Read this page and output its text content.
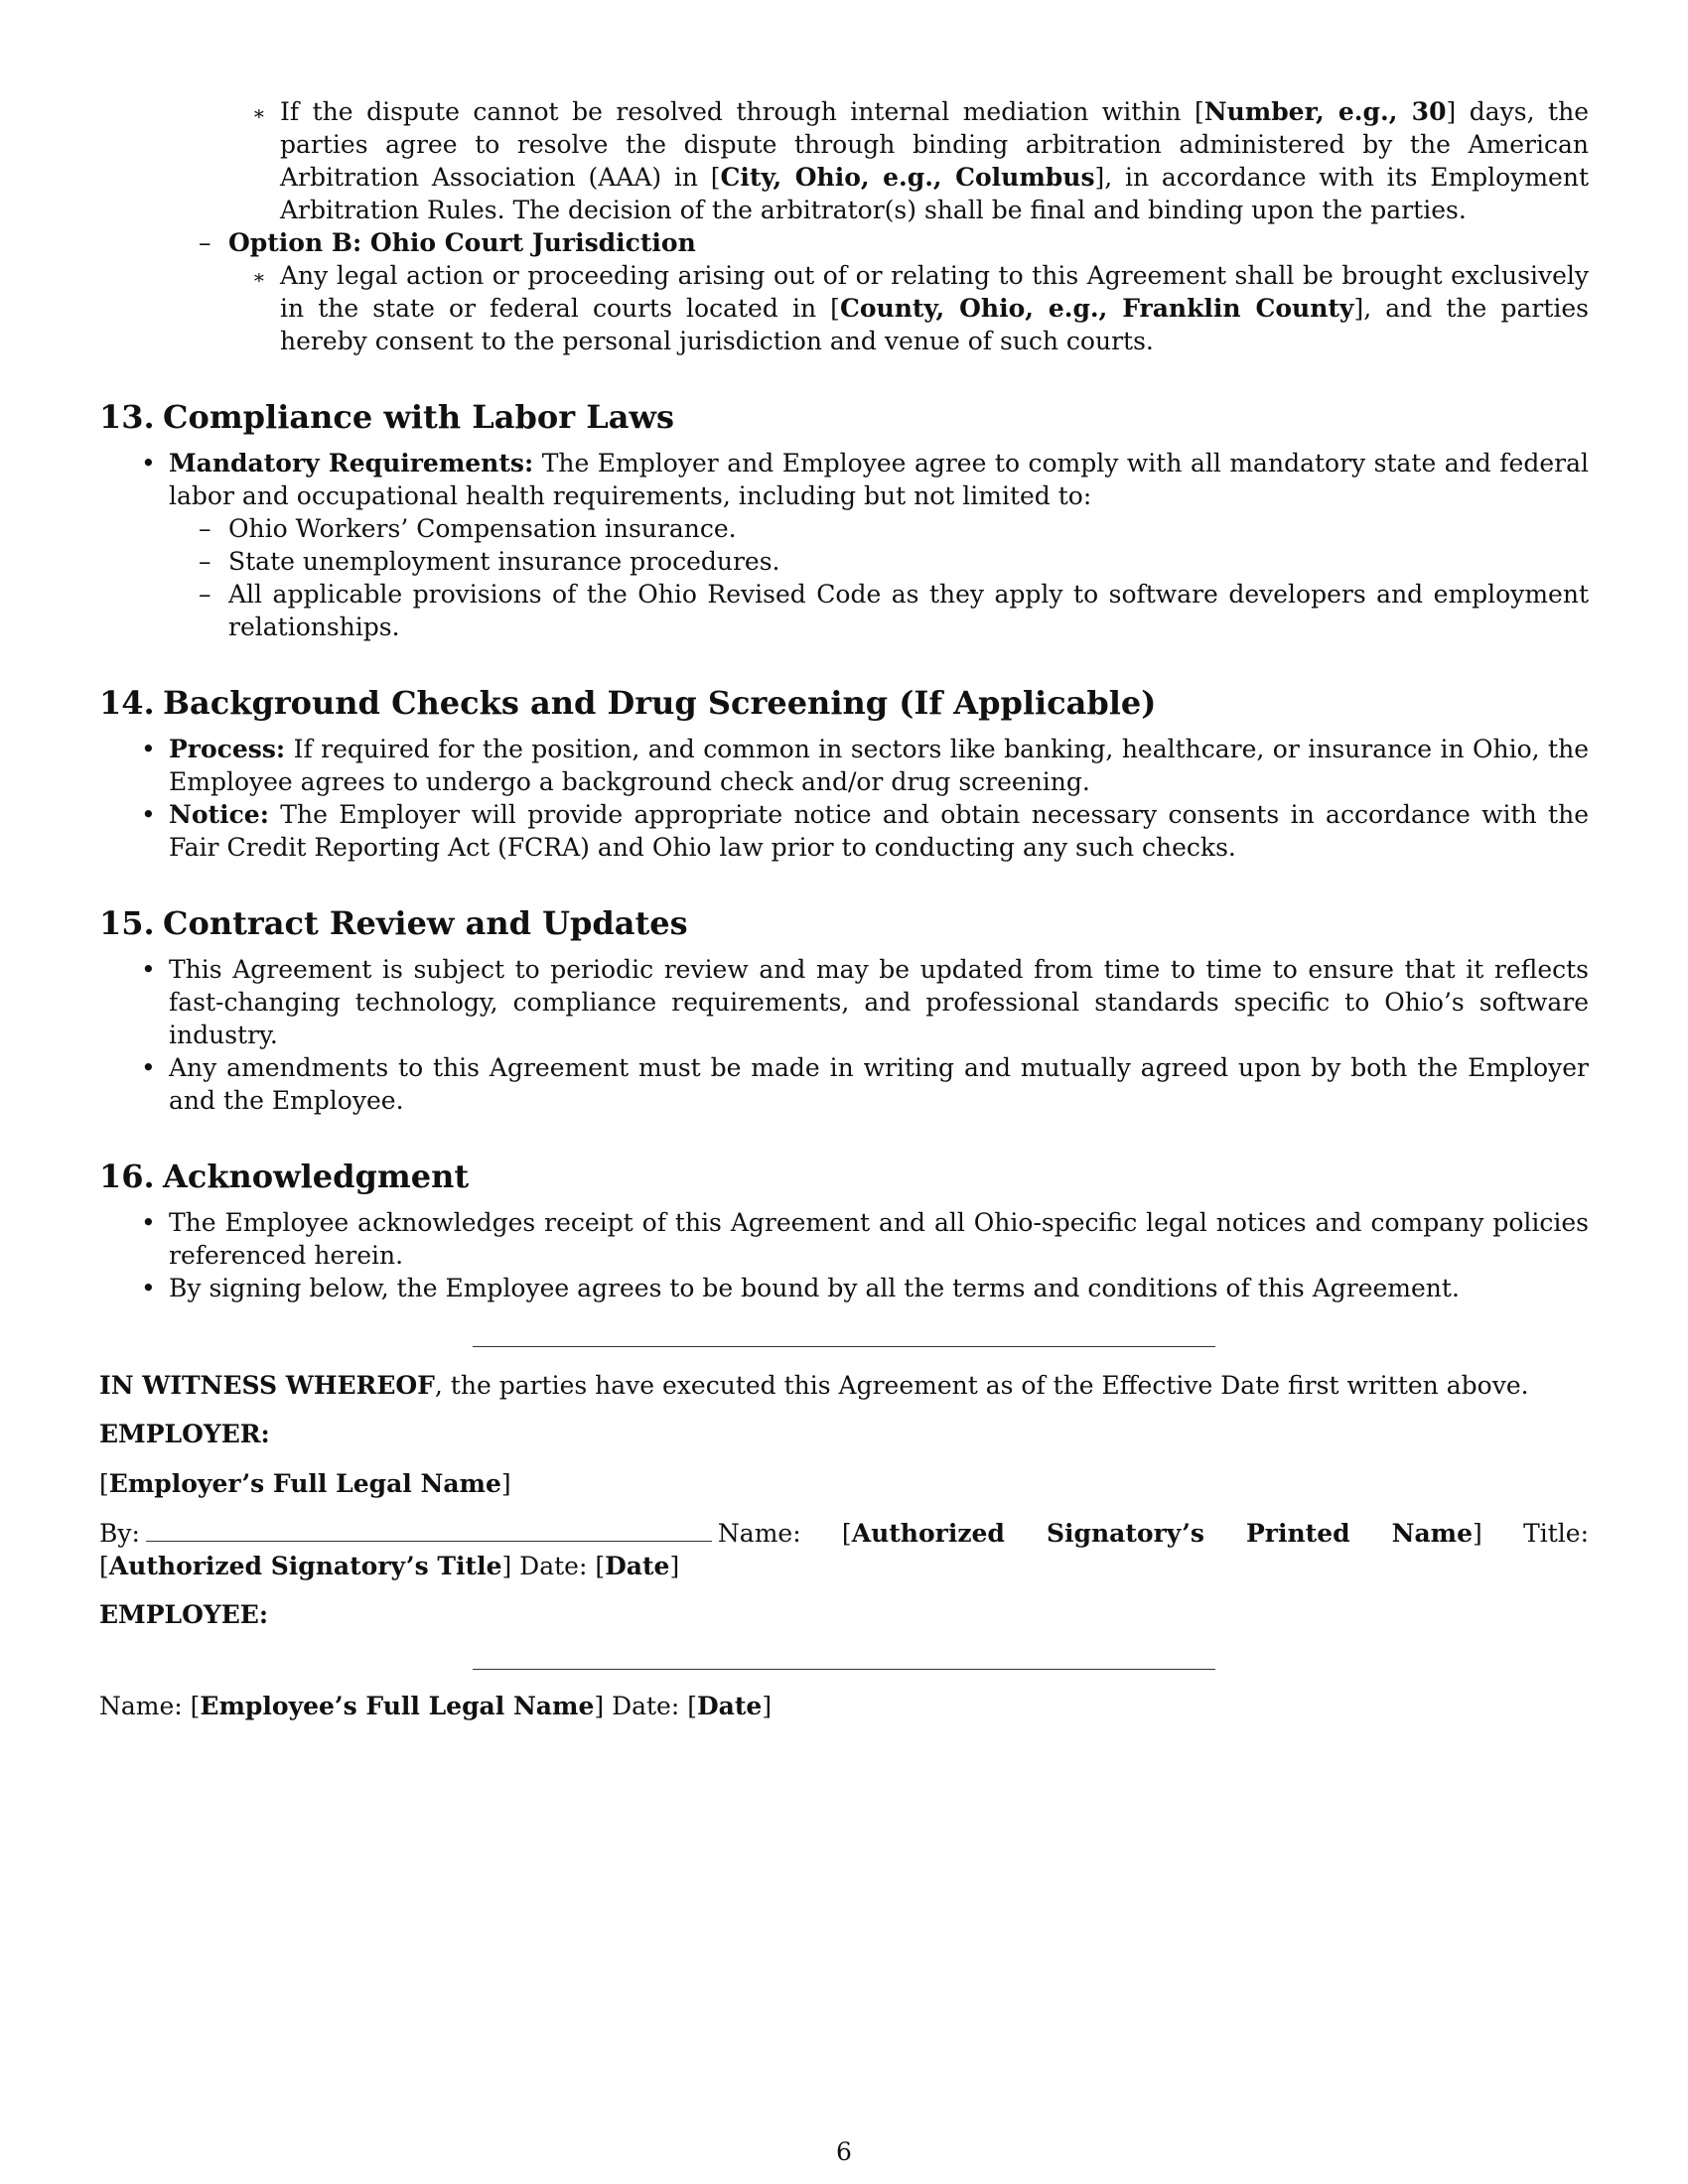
∗ If the dispute cannot be resolved through internal mediation within [Number, e.g., 30] days, the parties agree to resolve the dispute through binding arbitration administered by the American Arbitration Association (AAA) in [City, Ohio, e.g., Columbus], in accordance with its Employment Arbitration Rules. The decision of the arbitrator(s) shall be final and binding upon the parties.
– Option B: Ohio Court Jurisdiction
∗ Any legal action or proceeding arising out of or relating to this Agreement shall be brought exclusively in the state or federal courts located in [County, Ohio, e.g., Franklin County], and the parties hereby consent to the personal jurisdiction and venue of such courts.
13. Compliance with Labor Laws
• Mandatory Requirements: The Employer and Employee agree to comply with all mandatory state and federal labor and occupational health requirements, including but not limited to:
– Ohio Workers’ Compensation insurance.
– State unemployment insurance procedures.
– All applicable provisions of the Ohio Revised Code as they apply to software developers and employment relationships.
14. Background Checks and Drug Screening (If Applicable)
• Process: If required for the position, and common in sectors like banking, healthcare, or insurance in Ohio, the Employee agrees to undergo a background check and/or drug screening.
• Notice: The Employer will provide appropriate notice and obtain necessary consents in accordance with the Fair Credit Reporting Act (FCRA) and Ohio law prior to conducting any such checks.
15. Contract Review and Updates
• This Agreement is subject to periodic review and may be updated from time to time to ensure that it reflects fast-changing technology, compliance requirements, and professional standards specific to Ohio’s software industry.
• Any amendments to this Agreement must be made in writing and mutually agreed upon by both the Employer and the Employee.
16. Acknowledgment
• The Employee acknowledges receipt of this Agreement and all Ohio-specific legal notices and company policies referenced herein.
• By signing below, the Employee agrees to be bound by all the terms and conditions of this Agreement.
IN WITNESS WHEREOF, the parties have executed this Agreement as of the Effective Date first written above.
EMPLOYER:
[Employer’s Full Legal Name]
By:	Name: [Authorized Signatory’s Printed Name] Title: [Authorized Signatory’s Title] Date: [Date]
EMPLOYEE:
Name: [Employee’s Full Legal Name] Date: [Date]
6
